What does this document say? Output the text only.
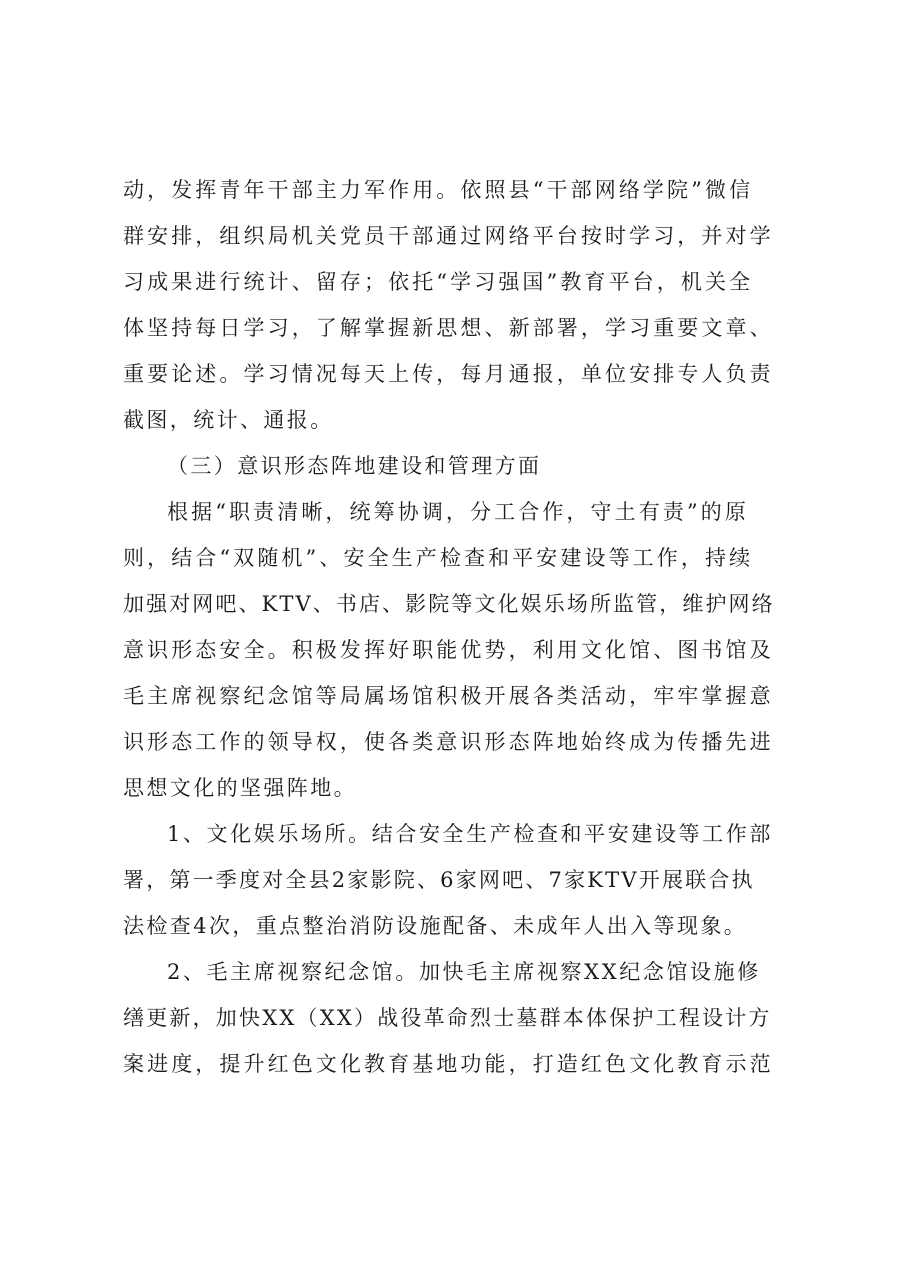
动，发挥青年干部主力军作用。依照县“干部网络学院”微信
群安排，组织局机关党员干部通过网络平台按时学习，并对学
习成果进行统计、留存；依托“学习强国”教育平台，机关全
体坚持每日学习，了解掌握新思想、新部署，学习重要文章、
重要论述。学习情况每天上传，每月通报，单位安排专人负责
截图，统计、通报。
（三）意识形态阵地建设和管理方面
根据“职责清晰，统筹协调，分工合作，守土有责”的原
则，结合“双随机”、安全生产检查和平安建设等工作，持续
加强对网吧、KTV、书店、影院等文化娱乐场所监管，维护网络
意识形态安全。积极发挥好职能优势，利用文化馆、图书馆及
毛主席视察纪念馆等局属场馆积极开展各类活动，牢牢掌握意
识形态工作的领导权，使各类意识形态阵地始终成为传播先进
思想文化的坚强阵地。
1、文化娱乐场所。结合安全生产检查和平安建设等工作部
署，第一季度对全县2家影院、6家网吧、7家KTV开展联合执
法检查4次，重点整治消防设施配备、未成年人出入等现象。
2、毛主席视察纪念馆。加快毛主席视察XX纪念馆设施修
缮更新，加快XX（XX）战役革命烈士墓群本体保护工程设计方
案进度，提升红色文化教育基地功能，打造红色文化教育示范
